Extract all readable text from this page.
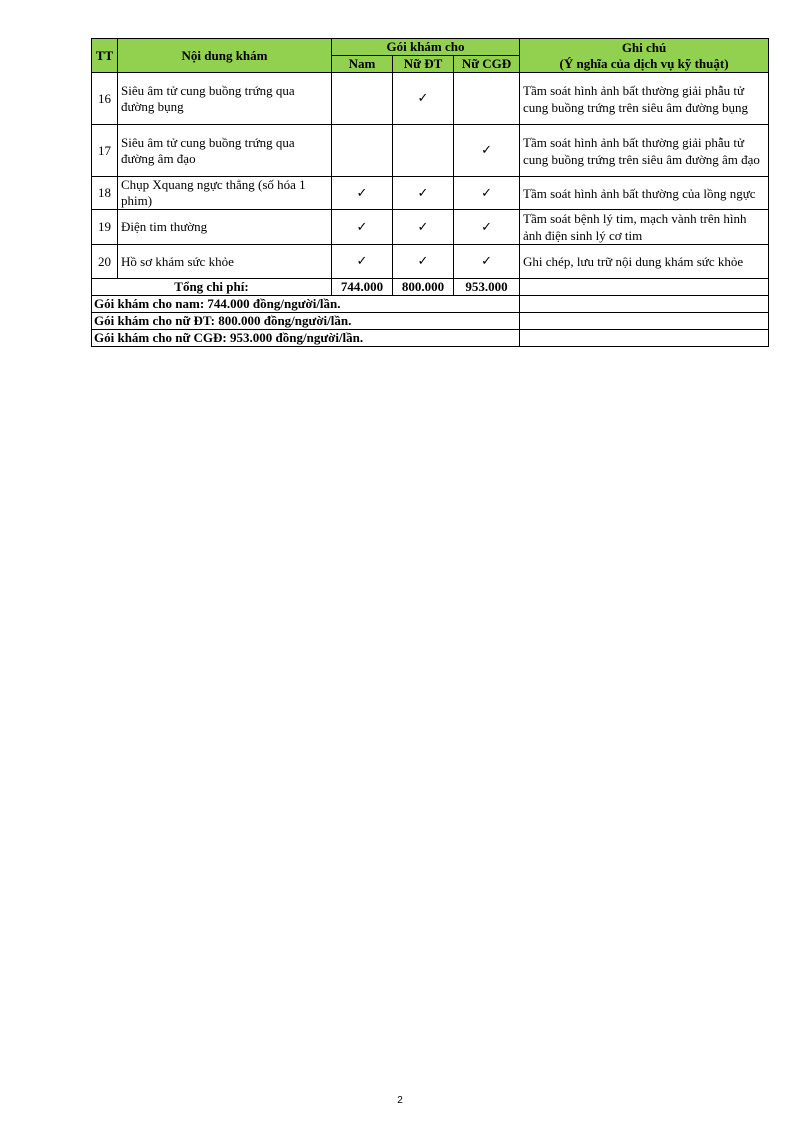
TT	Nội dung khám	Gói khám cho			Ghi chú
(Ý nghĩa của dịch vụ kỹ thuật)

		Nam	Nữ ĐT	Nữ CGĐ	
16	Siêu âm tử cung buồng trứng qua đường bụng		✓		Tầm soát hình ảnh bất thường giải phẫu tử cung buồng trứng trên siêu âm đường bụng
17	Siêu âm tử cung buồng trứng qua đường âm đạo			✓	Tầm soát hình ảnh bất thường giải phẫu tử cung buồng trứng trên siêu âm đường âm đạo
18	Chụp Xquang ngực thẳng (số hóa 1 phim)	✓	✓	✓	Tầm soát hình ảnh bất thường của lồng ngực
19	Điện tim thường	✓	✓	✓	Tầm soát bệnh lý tim, mạch vành trên hình ảnh điện sinh lý cơ tim
20	Hồ sơ khám sức khỏe	✓	✓	✓	Ghi chép, lưu trữ nội dung khám sức khỏe
Tổng chi phí:		744.000	800.000	953.000	
Gói khám cho nam: 744.000 đồng/người/lần.					
Gói khám cho nữ ĐT: 800.000 đồng/người/lần.					
Gói khám cho nữ CGĐ: 953.000 đồng/người/lần.					
2
